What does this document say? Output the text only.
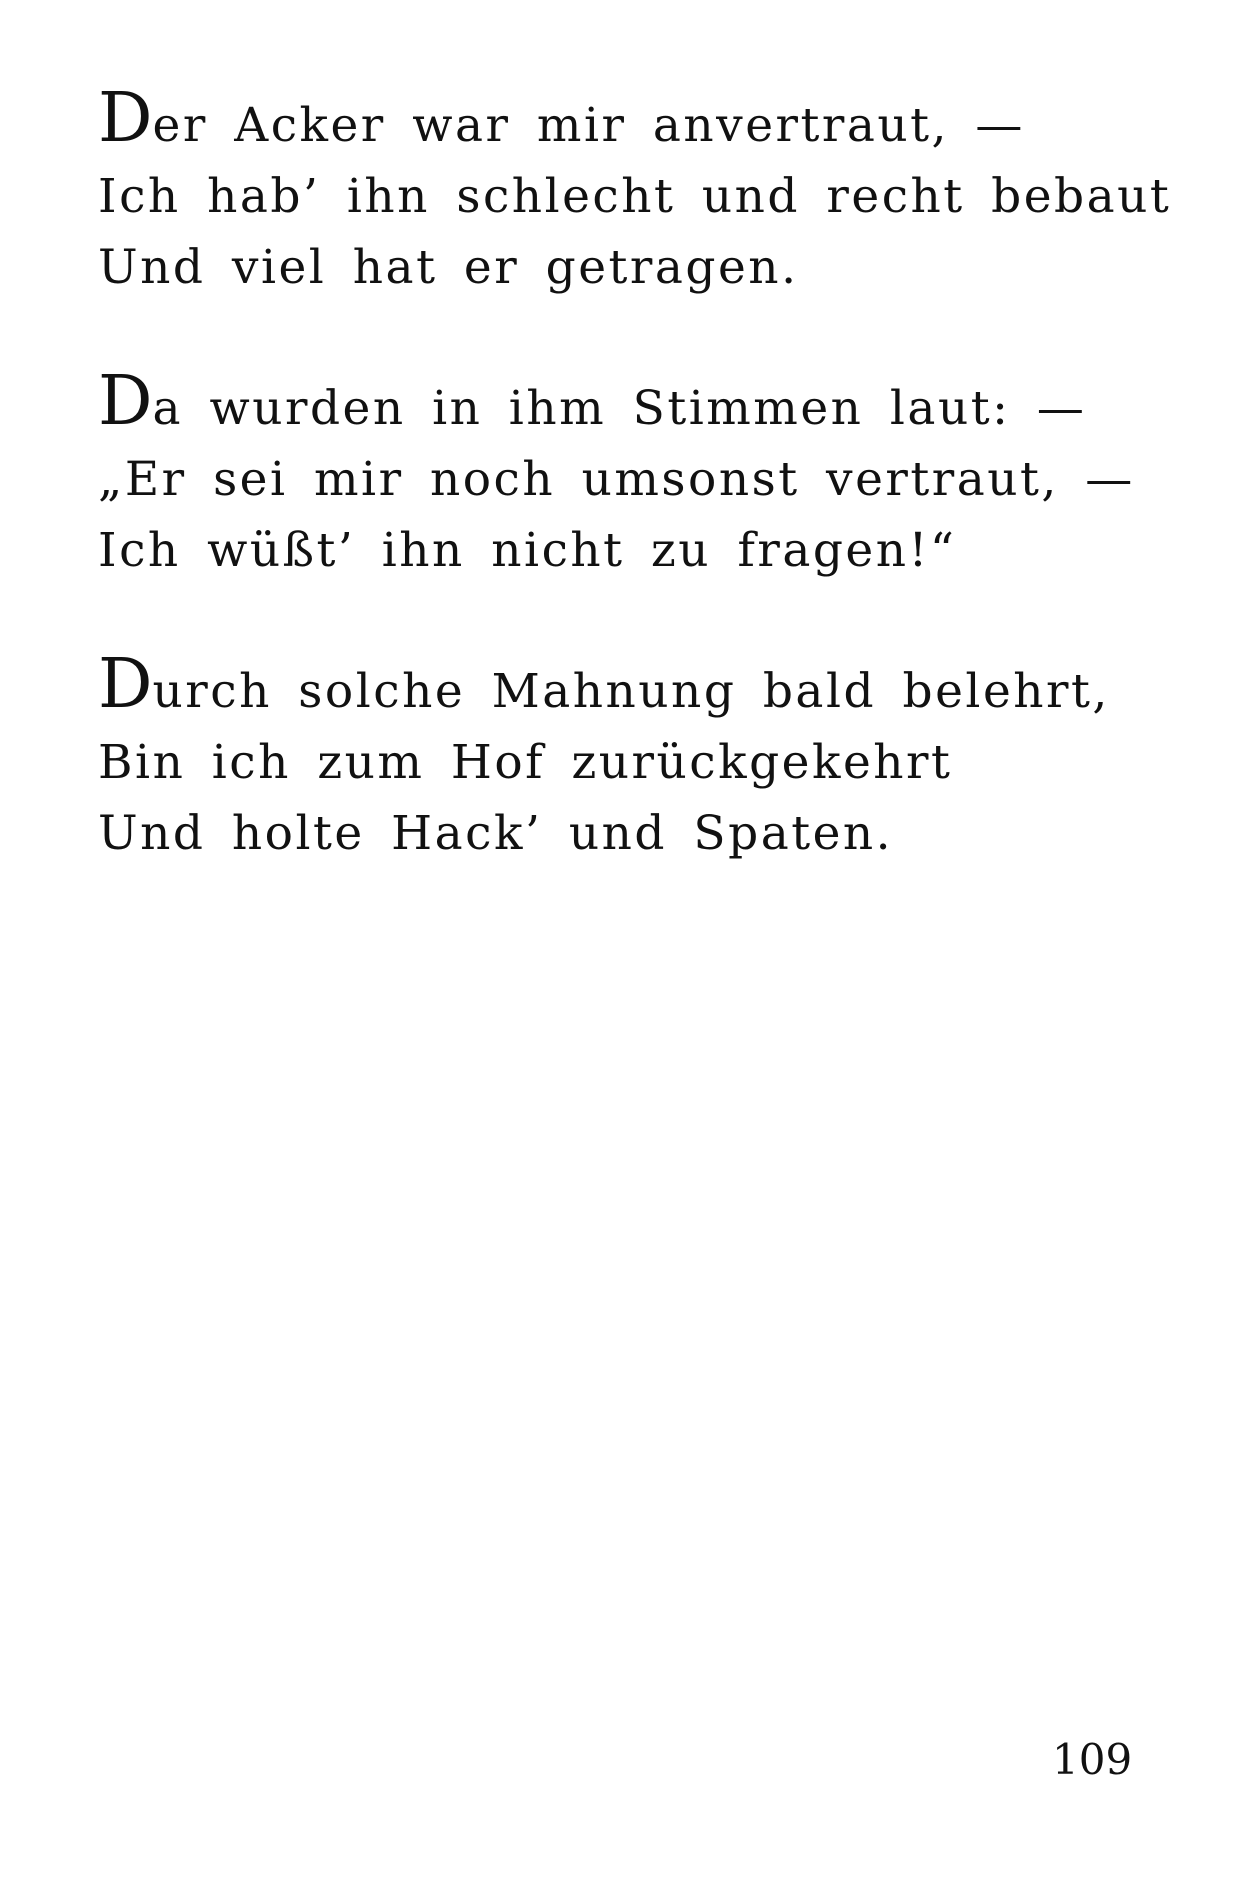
Der Acker war mir anvertraut, —
Ich hab’ ihn schlecht und recht bebaut
Und viel hat er getragen.
Da wurden in ihm Stimmen laut: —
„Er sei mir noch umsonst vertraut, —
Ich wüßt’ ihn nicht zu fragen!“
Durch solche Mahnung bald belehrt,
Bin ich zum Hof zurückgekehrt
Und holte Hack’ und Spaten.
109
